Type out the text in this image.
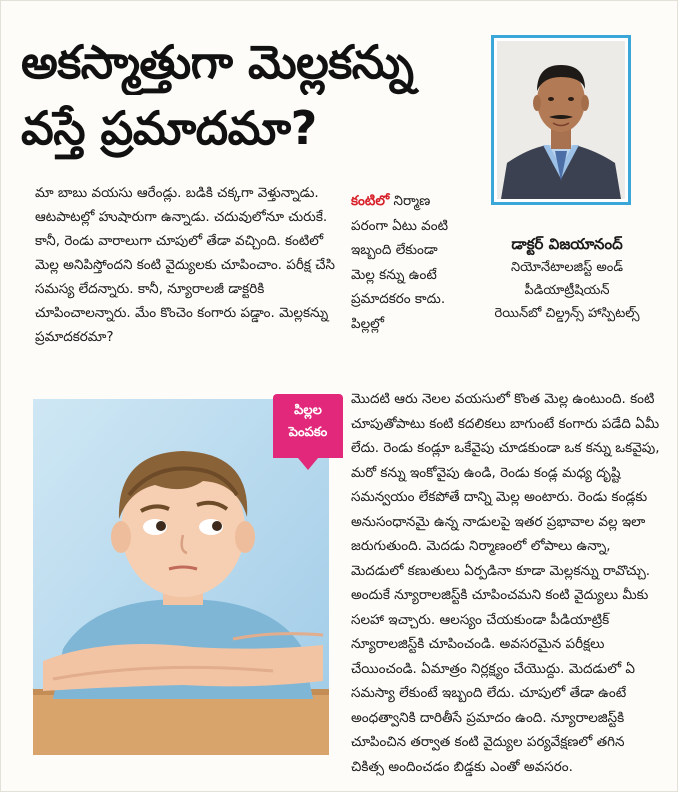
అకస్మాత్తుగా మెల్లకన్ను
వస్తే ప్రమాదమా?
డాక్టర్ విజయానంద్
నియోనేటాలజిస్ట్ అండ్
పీడియాట్రీషియన్
రెయిన్‌బో చిల్డ్రన్స్ హాస్పిటల్స్

మా బాబు వయసు ఆరేండ్లు. బడికి చక్కగా వెళ్తున్నాడు. ఆటపాటల్లో హుషారుగా ఉన్నాడు. చదువులోనూ చురుకే. కానీ, రెండు వారాలుగా చూపులో తేడా వచ్చింది. కంటిలో మెల్ల అనిపిస్తోందని కంటి వైద్యులకు చూపించాం. పరీక్ష చేసి సమస్య లేదన్నారు. కానీ, న్యూరాలజీ డాక్టరికి చూపించాలన్నారు. మేం కొంచెం కంగారు పడ్డాం. మెల్లకన్ను ప్రమాదకరమా?

పిల్లల
పెంపకం

కంటిలో నిర్మాణ పరంగా ఏటు వంటి ఇబ్బంది లేకుండా మెల్ల కన్ను ఉంటే ప్రమాదకరం కాదు. పిల్లల్లో

మొదటి ఆరు నెలల వయసులో కొంత మెల్ల ఉంటుంది. కంటి చూపుతోపాటు కంటి కదలికలు బాగుంటే కంగారు పడేది ఏమీ లేదు. రెండు కండ్లూ ఒకేవైపు చూడకుండా ఒక కన్ను ఒకవైపు, మరో కన్ను ఇంకోవైపు ఉండి, రెండు కండ్ల మధ్య దృష్టి సమన్వయం లేకపోతే దాన్ని మెల్ల అంటారు. రెండు కండ్లకు అనుసంధానమై ఉన్న నాడులపై ఇతర ప్రభావాల వల్ల ఇలా జరుగుతుంది. మెదడు నిర్మాణంలో లోపాలు ఉన్నా, మెదడులో కణుతులు ఏర్పడినా కూడా మెల్లకన్ను రావొచ్చు. అందుకే న్యూరాలజిస్ట్‌కి చూపించమని కంటి వైద్యులు మీకు సలహా ఇచ్చారు. ఆలస్యం చేయకుండా పీడియాట్రిక్ న్యూరాలజిస్ట్‌కి చూపించండి. అవసరమైన పరీక్షలు చేయించండి. ఏమాత్రం నిర్లక్ష్యం చేయొద్దు. మెదడులో ఏ సమస్యా లేకుంటే ఇబ్బంది లేదు. చూపులో తేడా ఉంటే అంధత్వానికి దారితీసే ప్రమాదం ఉంది. న్యూరాలజిస్ట్‌కి చూపించిన తర్వాత కంటి వైద్యుల పర్యవేక్షణలో తగిన చికిత్స అందించడం బిడ్డకు ఎంతో అవసరం.
